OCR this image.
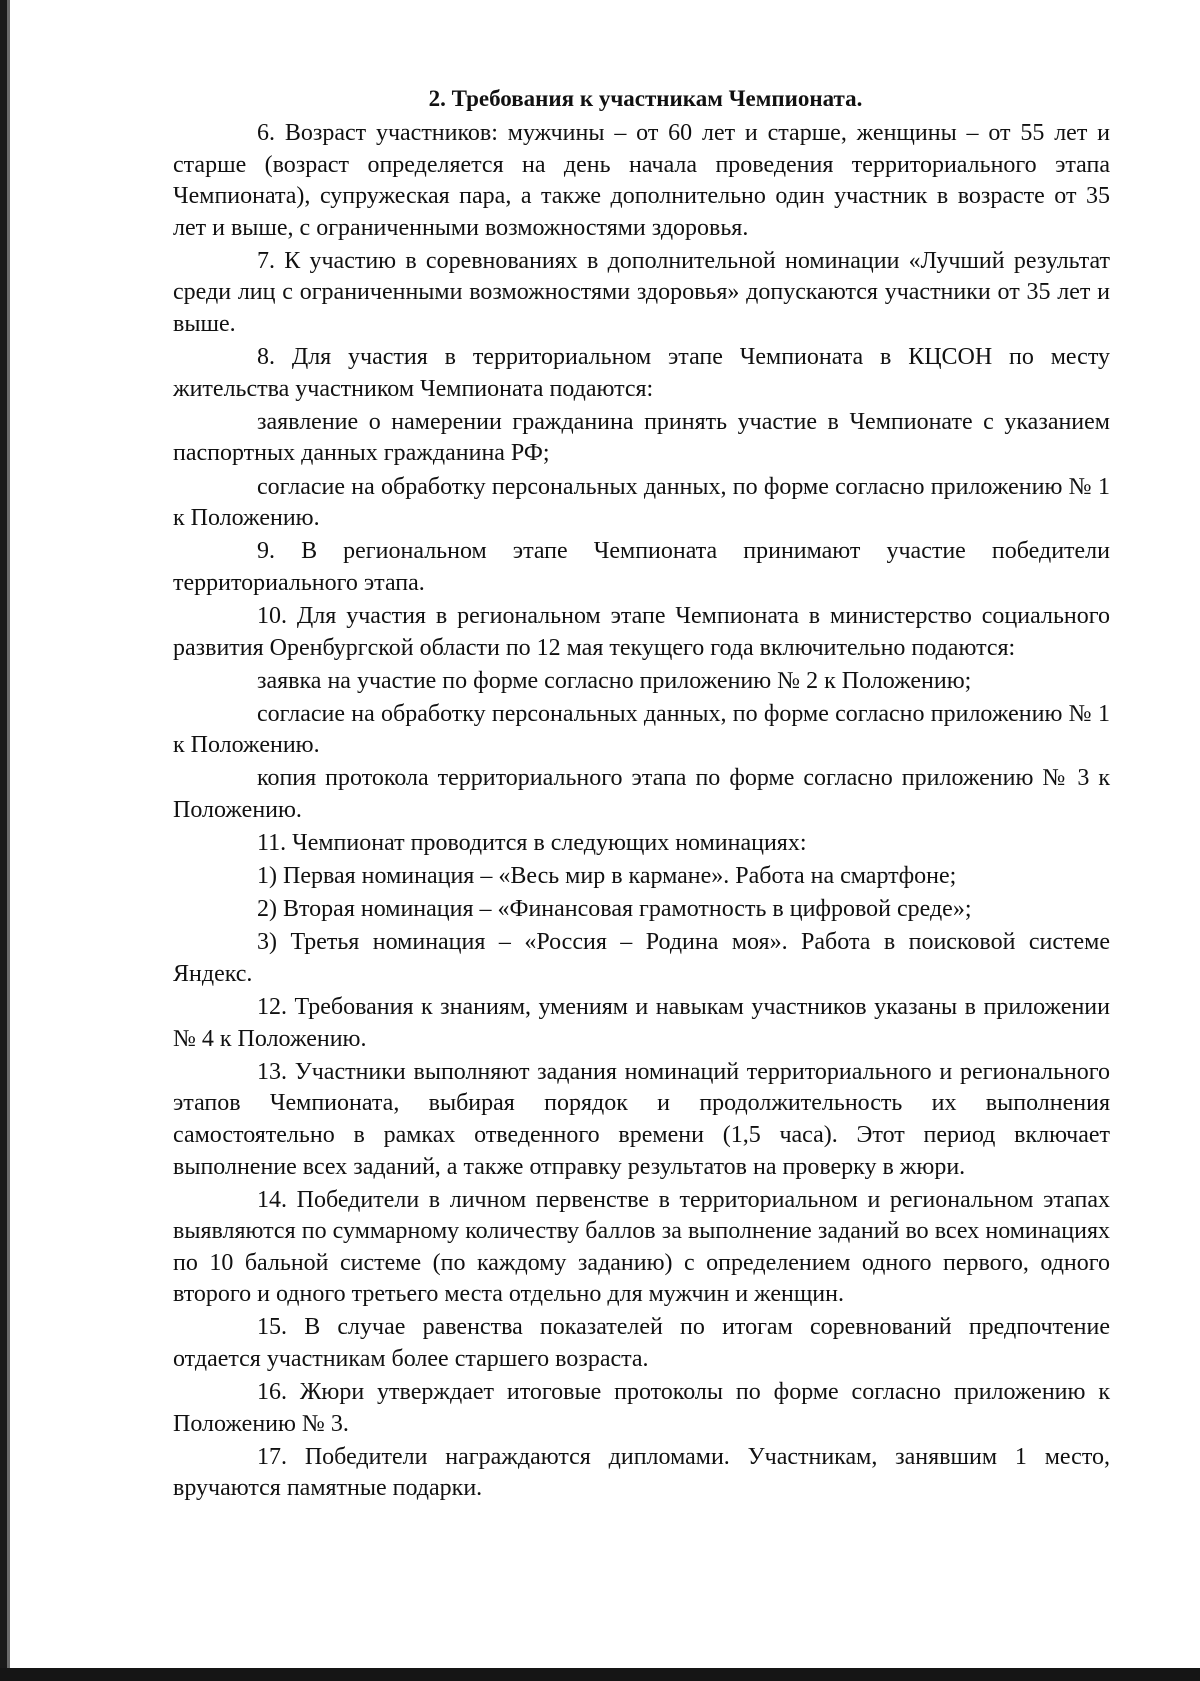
2. Требования к участникам Чемпионата.

6. Возраст участников: мужчины – от 60 лет и старше, женщины – от 55 лет и старше (возраст определяется на день начала проведения территориального этапа Чемпионата), супружеская пара, а также дополнительно один участник в возрасте от 35 лет и выше, с ограниченными возможностями здоровья.

7. К участию в соревнованиях в дополнительной номинации «Лучший результат среди лиц с ограниченными возможностями здоровья» допускаются участники от 35 лет и выше.

8. Для участия в территориальном этапе Чемпионата в КЦСОН по месту жительства участником Чемпионата подаются:

заявление о намерении гражданина принять участие в Чемпионате с указанием паспортных данных гражданина РФ;

согласие на обработку персональных данных, по форме согласно приложению № 1 к Положению.

9. В региональном этапе Чемпионата принимают участие победители территориального этапа.

10. Для участия в региональном этапе Чемпионата в министерство социального развития Оренбургской области по 12 мая текущего года включительно подаются:

заявка на участие по форме согласно приложению № 2 к Положению;

согласие на обработку персональных данных, по форме согласно приложению № 1 к Положению.

копия протокола территориального этапа по форме согласно приложению № 3 к Положению.

11. Чемпионат проводится в следующих номинациях:

1) Первая номинация – «Весь мир в кармане». Работа на смартфоне;

2) Вторая номинация – «Финансовая грамотность в цифровой среде»;

3) Третья номинация – «Россия – Родина моя». Работа в поисковой системе Яндекс.

12. Требования к знаниям, умениям и навыкам участников указаны в приложении № 4 к Положению.

13. Участники выполняют задания номинаций территориального и регионального этапов Чемпионата, выбирая порядок и продолжительность их выполнения самостоятельно в рамках отведенного времени (1,5 часа). Этот период включает выполнение всех заданий, а также отправку результатов на проверку в жюри.

14. Победители в личном первенстве в территориальном и региональном этапах выявляются по суммарному количеству баллов за выполнение заданий во всех номинациях по 10 бальной системе (по каждому заданию) с определением одного первого, одного второго и одного третьего места отдельно для мужчин и женщин.

15. В случае равенства показателей по итогам соревнований предпочтение отдается участникам более старшего возраста.

16. Жюри утверждает итоговые протоколы по форме согласно приложению к Положению № 3.

17. Победители награждаются дипломами. Участникам, занявшим 1 место, вручаются памятные подарки.
